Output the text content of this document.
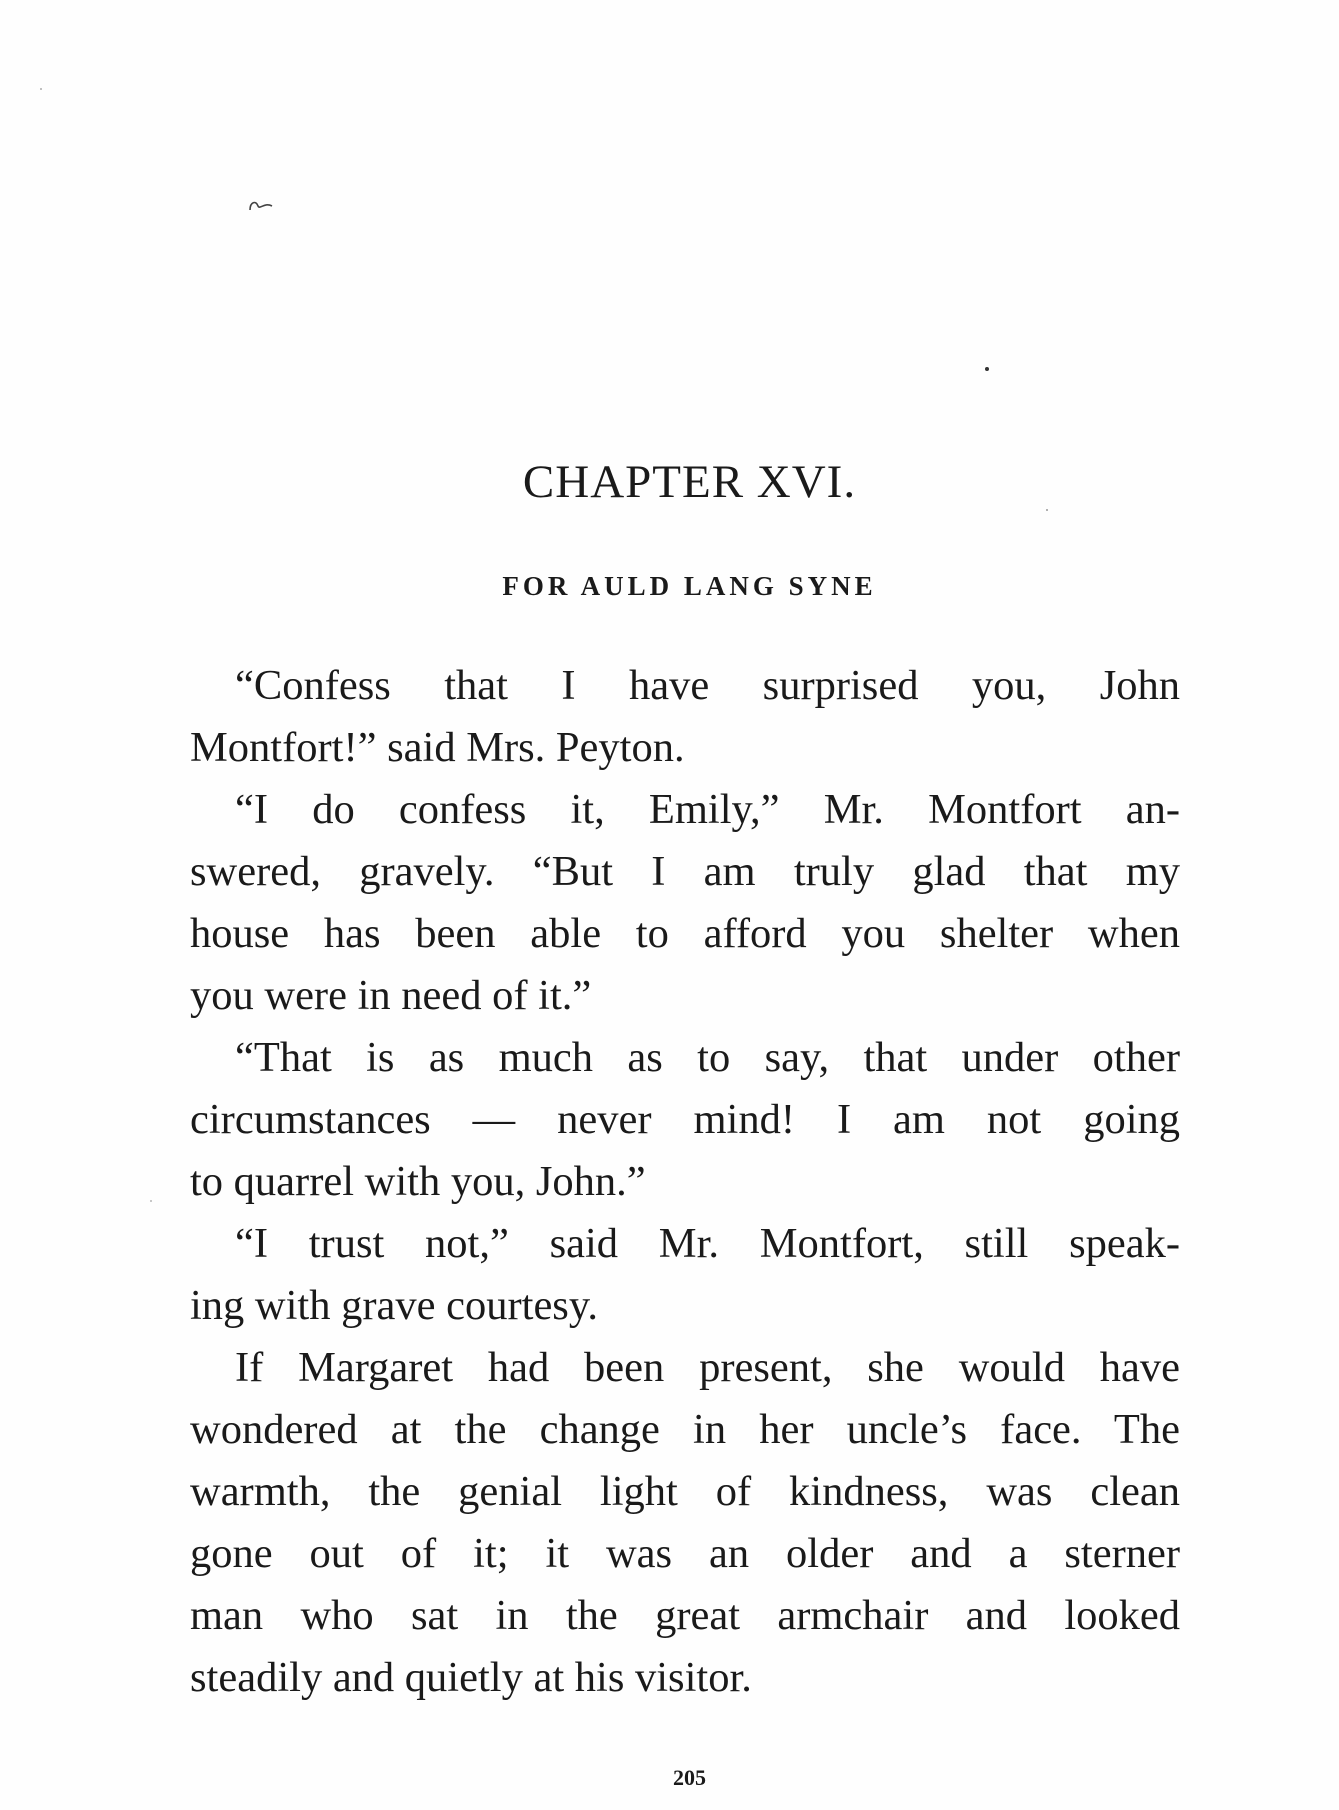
CHAPTER XVI.
FOR AULD LANG SYNE
“Confess that I have surprised you, John
Montfort!” said Mrs. Peyton.
“I do confess it, Emily,” Mr. Montfort an-
swered, gravely. “But I am truly glad that my
house has been able to afford you shelter when
you were in need of it.”
“That is as much as to say, that under other
circumstances — never mind! I am not going
to quarrel with you, John.”
“I trust not,” said Mr. Montfort, still speak-
ing with grave courtesy.
If Margaret had been present, she would have
wondered at the change in her uncle’s face. The
warmth, the genial light of kindness, was clean
gone out of it; it was an older and a sterner
man who sat in the great armchair and looked
steadily and quietly at his visitor.
205
